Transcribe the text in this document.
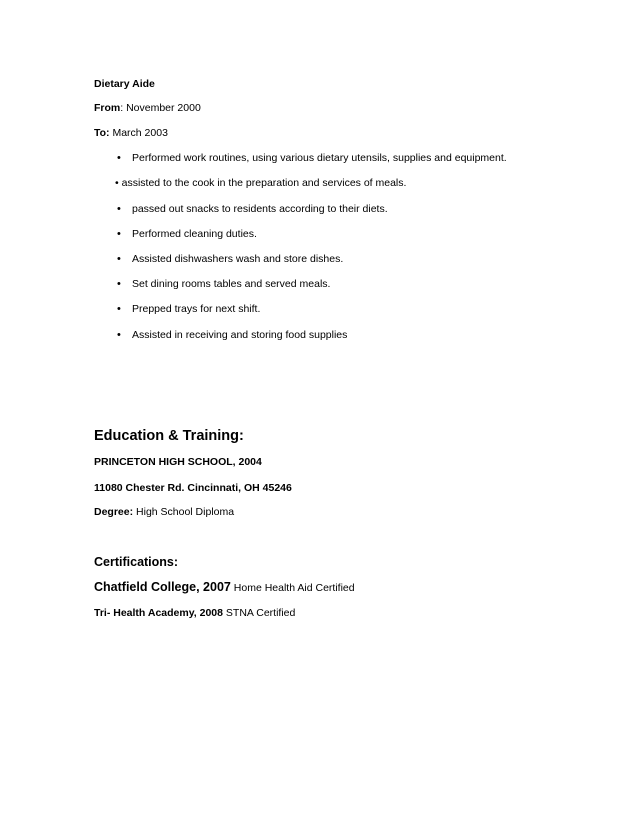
Dietary Aide
From: November 2000
To: March 2003
• Performed work routines, using various dietary utensils, supplies and equipment.
• assisted to the cook in the preparation and services of meals.
• passed out snacks to residents according to their diets.
• Performed cleaning duties.
• Assisted dishwashers wash and store dishes.
• Set dining rooms tables and served meals.
• Prepped trays for next shift.
• Assisted in receiving and storing food supplies
Education & Training:
PRINCETON HIGH SCHOOL, 2004
11080 Chester Rd. Cincinnati, OH 45246
Degree: High School Diploma
Certifications:
Chatfield College, 2007 Home Health Aid Certified
Tri- Health Academy, 2008 STNA Certified
